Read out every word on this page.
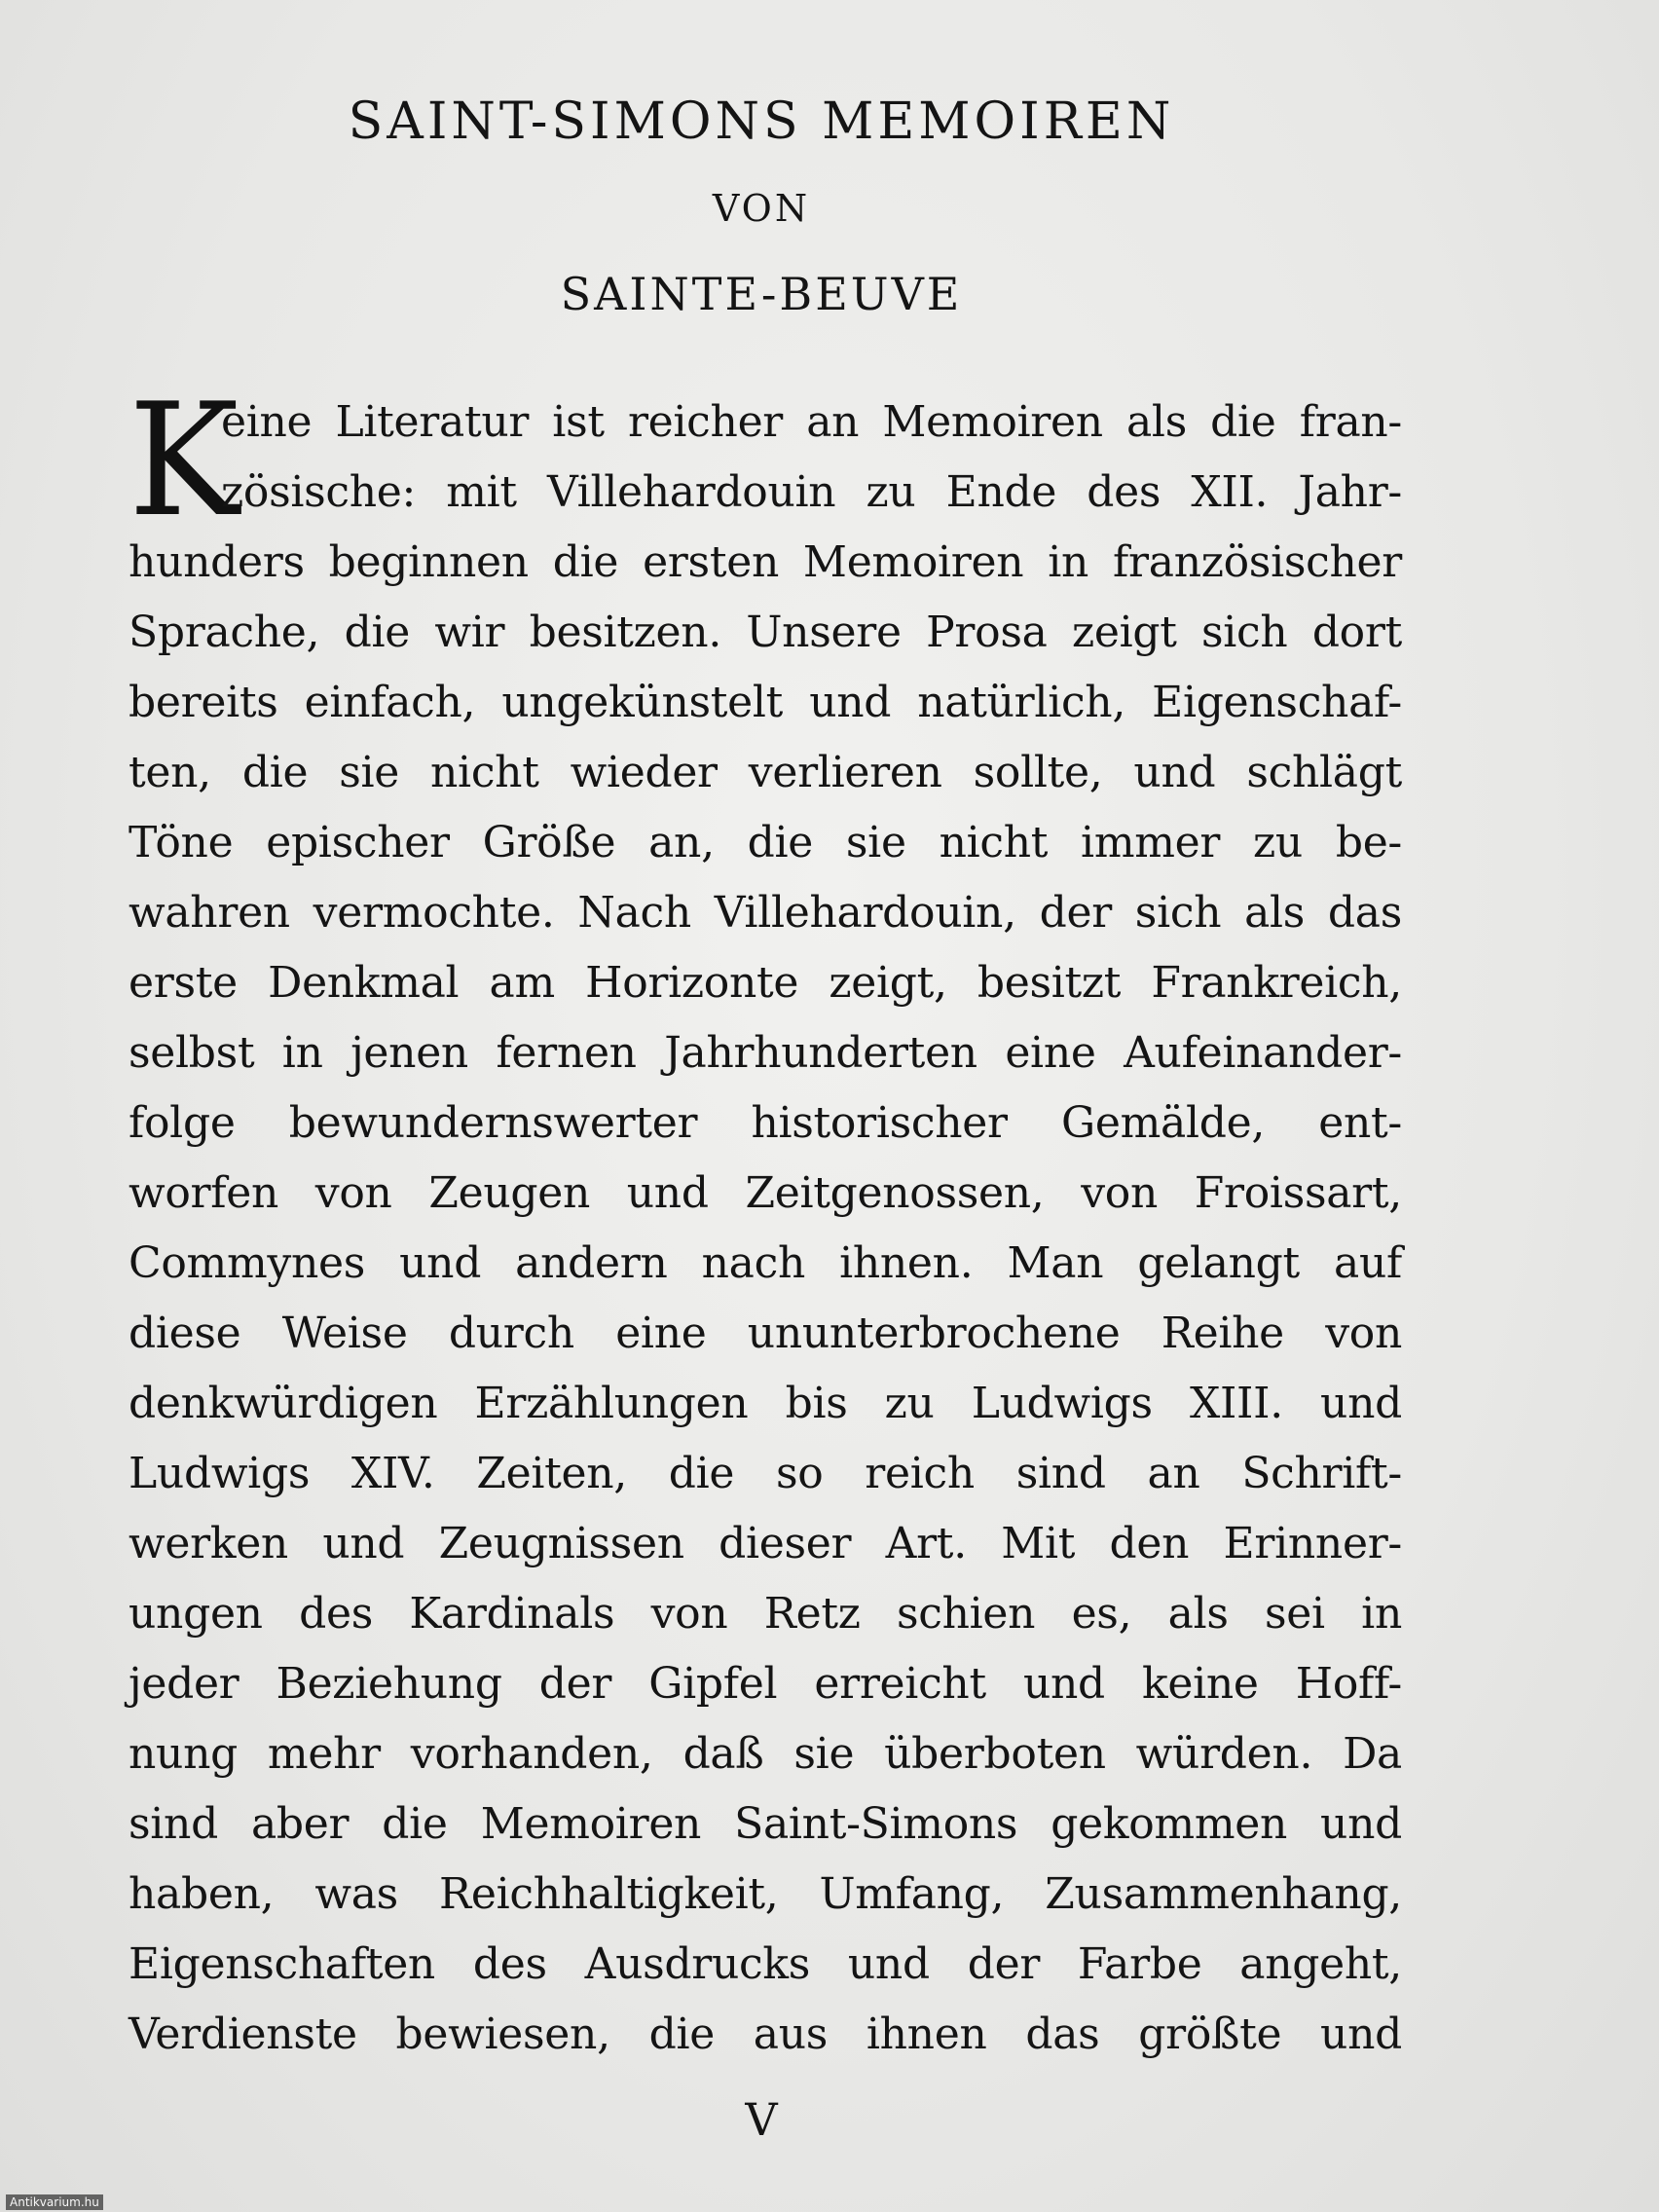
SAINT-SIMONS MEMOIREN
VON
SAINTE-BEUVE
K
eine Literatur ist reicher an Memoiren als die fran-
zösische: mit Villehardouin zu Ende des XII. Jahr-
hunders beginnen die ersten Memoiren in französischer
Sprache, die wir besitzen. Unsere Prosa zeigt sich dort
bereits einfach, ungekünstelt und natürlich, Eigenschaf-
ten, die sie nicht wieder verlieren sollte, und schlägt
Töne epischer Größe an, die sie nicht immer zu be-
wahren vermochte. Nach Villehardouin, der sich als das
erste Denkmal am Horizonte zeigt, besitzt Frankreich,
selbst in jenen fernen Jahrhunderten eine Aufeinander-
folge bewundernswerter historischer Gemälde, ent-
worfen von Zeugen und Zeitgenossen, von Froissart,
Commynes und andern nach ihnen. Man gelangt auf
diese Weise durch eine ununterbrochene Reihe von
denkwürdigen Erzählungen bis zu Ludwigs XIII. und
Ludwigs XIV. Zeiten, die so reich sind an Schrift-
werken und Zeugnissen dieser Art. Mit den Erinner-
ungen des Kardinals von Retz schien es, als sei in
jeder Beziehung der Gipfel erreicht und keine Hoff-
nung mehr vorhanden, daß sie überboten würden. Da
sind aber die Memoiren Saint-Simons gekommen und
haben, was Reichhaltigkeit, Umfang, Zusammenhang,
Eigenschaften des Ausdrucks und der Farbe angeht,
Verdienste bewiesen, die aus ihnen das größte und
V
Antikvarium.hu
